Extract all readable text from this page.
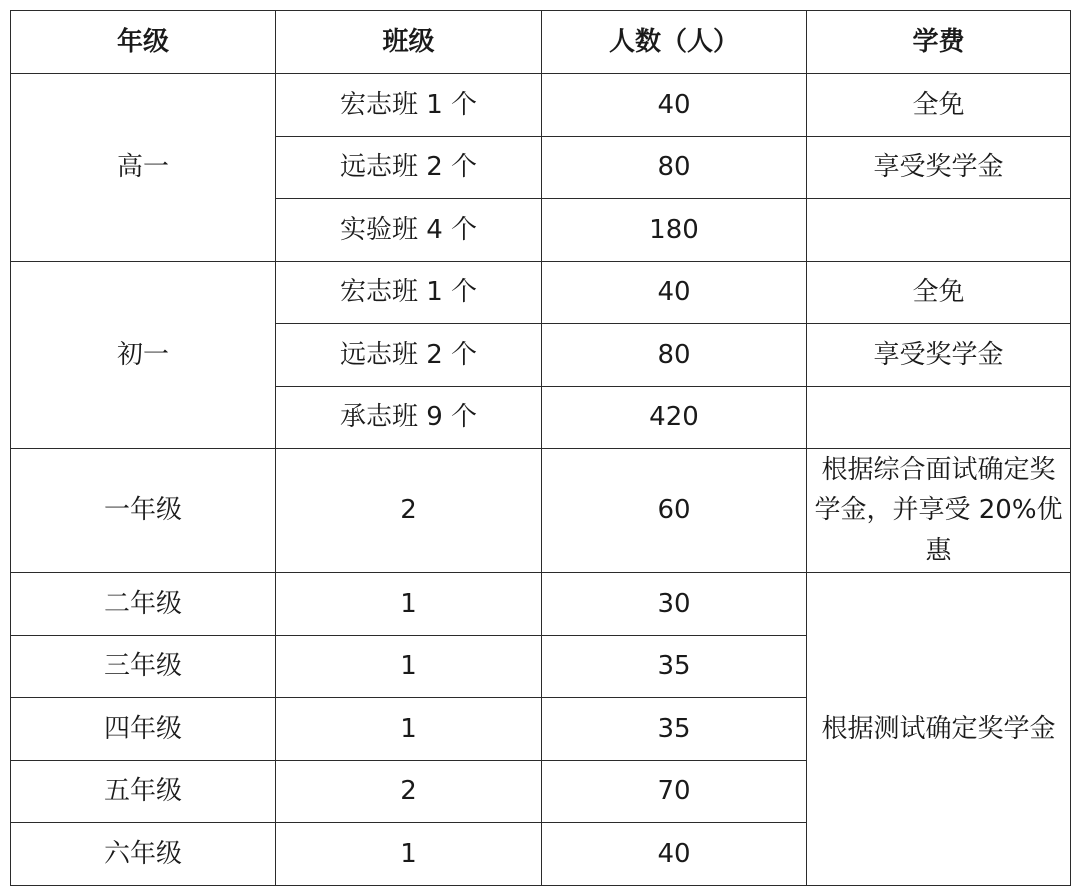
年级	班级	人数（人）	学费
高一	宏志班 1 个	40	全免
	远志班 2 个	80	享受奖学金
	实验班 4 个	180	
初一	宏志班 1 个	40	全免
	远志班 2 个	80	享受奖学金
	承志班 9 个	420	
一年级	2	60	根据综合面试确定奖学金，并享受 20%优惠
二年级	1	30	根据测试确定奖学金
三年级	1	35	
四年级	1	35	
五年级	2	70	
六年级	1	40	
